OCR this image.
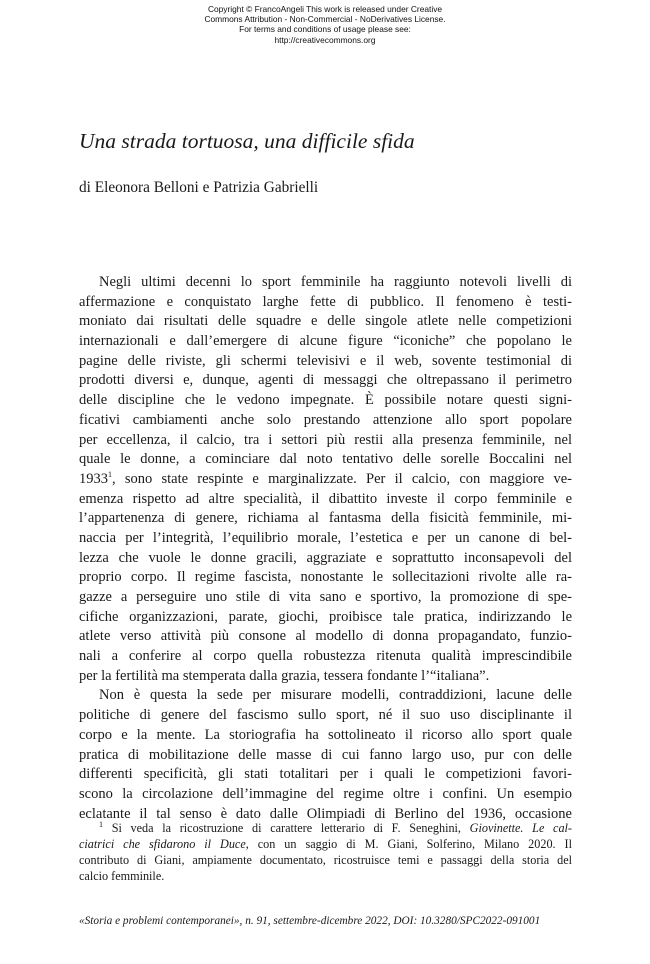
Copyright © FrancoAngeli This work is released under Creative
Commons Attribution - Non-Commercial - NoDerivatives License.
For terms and conditions of usage please see:
http://creativecommons.org
Una strada tortuosa, una difficile sfida
di Eleonora Belloni e Patrizia Gabrielli
Negli ultimi decenni lo sport femminile ha raggiunto notevoli livelli di
affermazione e conquistato larghe fette di pubblico. Il fenomeno è testi-
moniato dai risultati delle squadre e delle singole atlete nelle competizioni
internazionali e dall’emergere di alcune figure “iconiche” che popolano le
pagine delle riviste, gli schermi televisivi e il web, sovente testimonial di
prodotti diversi e, dunque, agenti di messaggi che oltrepassano il perimetro
delle discipline che le vedono impegnate. È possibile notare questi signi-
ficativi cambiamenti anche solo prestando attenzione allo sport popolare
per eccellenza, il calcio, tra i settori più restii alla presenza femminile, nel
quale le donne, a cominciare dal noto tentativo delle sorelle Boccalini nel
1933$^1$, sono state respinte e marginalizzate. Per il calcio, con maggiore ve-
emenza rispetto ad altre specialità, il dibattito investe il corpo femminile e
l’appartenenza di genere, richiama al fantasma della fisicità femminile, mi-
naccia per l’integrità, l’equilibrio morale, l’estetica e per un canone di bel-
lezza che vuole le donne gracili, aggraziate e soprattutto inconsapevoli del
proprio corpo. Il regime fascista, nonostante le sollecitazioni rivolte alle ra-
gazze a perseguire uno stile di vita sano e sportivo, la promozione di spe-
cifiche organizzazioni, parate, giochi, proibisce tale pratica, indirizzando le
atlete verso attività più consone al modello di donna propagandato, funzio-
nali a conferire al corpo quella robustezza ritenuta qualità imprescindibile
per la fertilità ma stemperata dalla grazia, tessera fondante l’“italiana”.
Non è questa la sede per misurare modelli, contraddizioni, lacune delle
politiche di genere del fascismo sullo sport, né il suo uso disciplinante il
corpo e la mente. La storiografia ha sottolineato il ricorso allo sport quale
pratica di mobilitazione delle masse di cui fanno largo uso, pur con delle
differenti specificità, gli stati totalitari per i quali le competizioni favori-
scono la circolazione dell’immagine del regime oltre i confini. Un esempio
eclatante il tal senso è dato dalle Olimpiadi di Berlino del 1936, occasione
$^1$ Si veda la ricostruzione di carattere letterario di F. Seneghini, Giovinette. Le cal-
ciatrici che sfidarono il Duce, con un saggio di M. Giani, Solferino, Milano 2020. Il
contributo di Giani, ampiamente documentato, ricostruisce temi e passaggi della storia del
calcio femminile.
«Storia e problemi contemporanei», n. 91, settembre-dicembre 2022, DOI: 10.3280/SPC2022-091001
